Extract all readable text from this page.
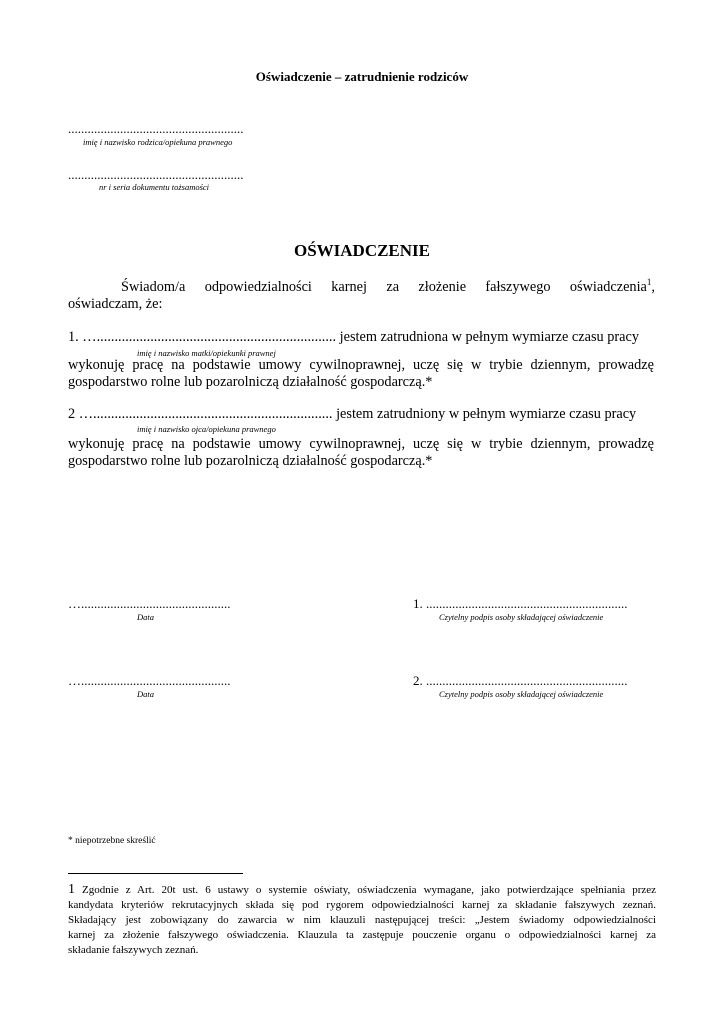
Oświadczenie – zatrudnienie rodziców
......................................................
imię i nazwisko rodzica/opiekuna prawnego
......................................................
nr i seria dokumentu tożsamości
OŚWIADCZENIE
Świadom/a odpowiedzialności karnej za złożenie fałszywego oświadczenia$^1$,
oświadczam, że:
1. …................................................................... jestem zatrudniona w pełnym wymiarze czasu pracy
imię i nazwisko matki/opiekunki prawnej
wykonuję pracę na podstawie umowy cywilnoprawnej, uczę się w trybie dziennym, prowadzę
gospodarstwo rolne lub pozarolniczą działalność gospodarczą.*
2 …................................................................... jestem zatrudniony w pełnym wymiarze czasu pracy
imię i nazwisko ojca/opiekuna prawnego
wykonuję pracę na podstawie umowy cywilnoprawnej, uczę się w trybie dziennym, prowadzę
gospodarstwo rolne lub pozarolniczą działalność gospodarczą.*
…..............................................
Data
1. ..............................................................
Czytelny podpis osoby składającej oświadczenie
…..............................................
Data
2. ..............................................................
Czytelny podpis osoby składającej oświadczenie
* niepotrzebne skreślić
1 Zgodnie z Art. 20t ust. 6 ustawy o systemie oświaty, oświadczenia wymagane, jako potwierdzające spełniania przez
kandydata kryteriów rekrutacyjnych składa się pod rygorem odpowiedzialności karnej za składanie fałszywych zeznań.
Składający jest zobowiązany do zawarcia w nim klauzuli następującej treści: „Jestem świadomy odpowiedzialności
karnej za złożenie fałszywego oświadczenia. Klauzula ta zastępuje pouczenie organu o odpowiedzialności karnej za
składanie fałszywych zeznań.
